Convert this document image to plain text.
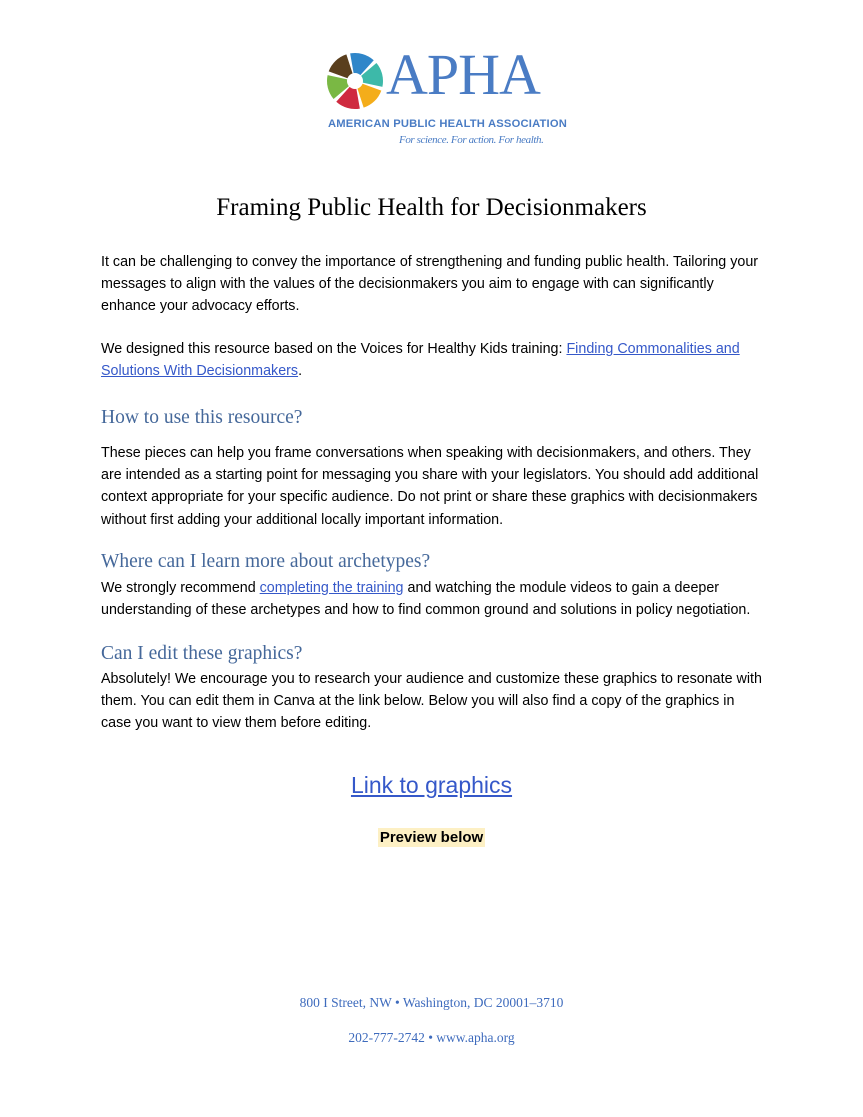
APHA
AMERICAN PUBLIC HEALTH ASSOCIATION
For science. For action. For health.
Framing Public Health for Decisionmakers
It can be challenging to convey the importance of strengthening and funding public health. Tailoring your messages to align with the values of the decisionmakers you aim to engage with can significantly enhance your advocacy efforts.
We designed this resource based on the Voices for Healthy Kids training: Finding Commonalities and Solutions With Decisionmakers.
How to use this resource?
These pieces can help you frame conversations when speaking with decisionmakers, and others. They are intended as a starting point for messaging you share with your legislators. You should add additional context appropriate for your specific audience. Do not print or share these graphics with decisionmakers without first adding your additional locally important information.
Where can I learn more about archetypes?
We strongly recommend completing the training and watching the module videos to gain a deeper understanding of these archetypes and how to find common ground and solutions in policy negotiation.
Can I edit these graphics?
Absolutely! We encourage you to research your audience and customize these graphics to resonate with them. You can edit them in Canva at the link below. Below you will also find a copy of the graphics in case you want to view them before editing.
Link to graphics
Preview below
800 I Street, NW • Washington, DC 20001–3710
202-777-2742 • www.apha.org
